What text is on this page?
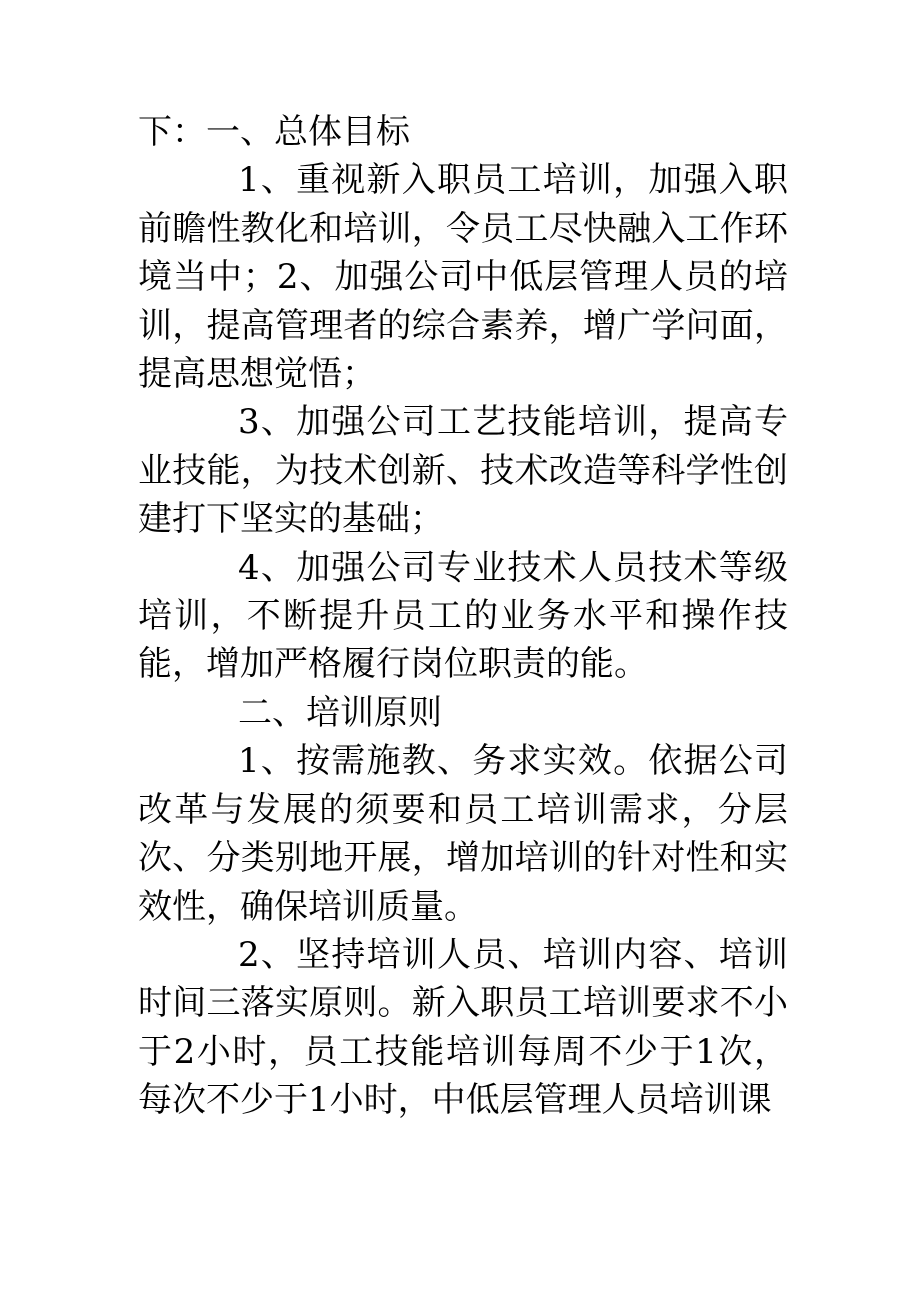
下：一、总体目标

1、重视新入职员工培训，加强入职前瞻性教化和培训，令员工尽快融入工作环境当中；2、加强公司中低层管理人员的培训，提高管理者的综合素养，增广学问面，提高思想觉悟；

3、加强公司工艺技能培训，提高专业技能，为技术创新、技术改造等科学性创建打下坚实的基础；

4、加强公司专业技术人员技术等级培训，不断提升员工的业务水平和操作技能，增加严格履行岗位职责的能。

二、培训原则

1、按需施教、务求实效。依据公司改革与发展的须要和员工培训需求，分层次、分类别地开展，增加培训的针对性和实效性，确保培训质量。

2、坚持培训人员、培训内容、培训时间三落实原则。新入职员工培训要求不小于2小时，员工技能培训每周不少于1次，每次不少于1小时，中低层管理人员培训课
